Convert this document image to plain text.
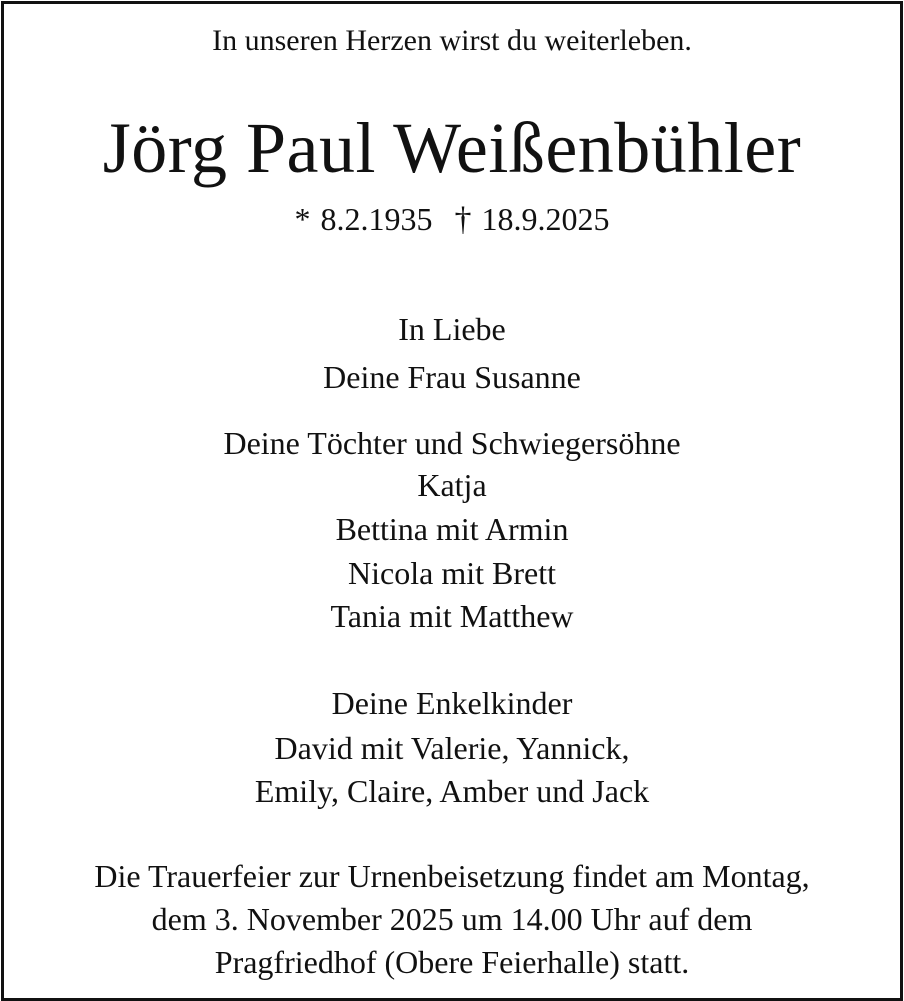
In unseren Herzen wirst du weiterleben.
Jörg Paul Weißenbühler
* 8.2.1935 † 18.9.2025
In Liebe
Deine Frau Susanne
Deine Töchter und Schwiegersöhne
Katja
Bettina mit Armin
Nicola mit Brett
Tania mit Matthew
Deine Enkelkinder
David mit Valerie, Yannick,
Emily, Claire, Amber und Jack
Die Trauerfeier zur Urnenbeisetzung findet am Montag,
dem 3. November 2025 um 14.00 Uhr auf dem
Pragfriedhof (Obere Feierhalle) statt.
